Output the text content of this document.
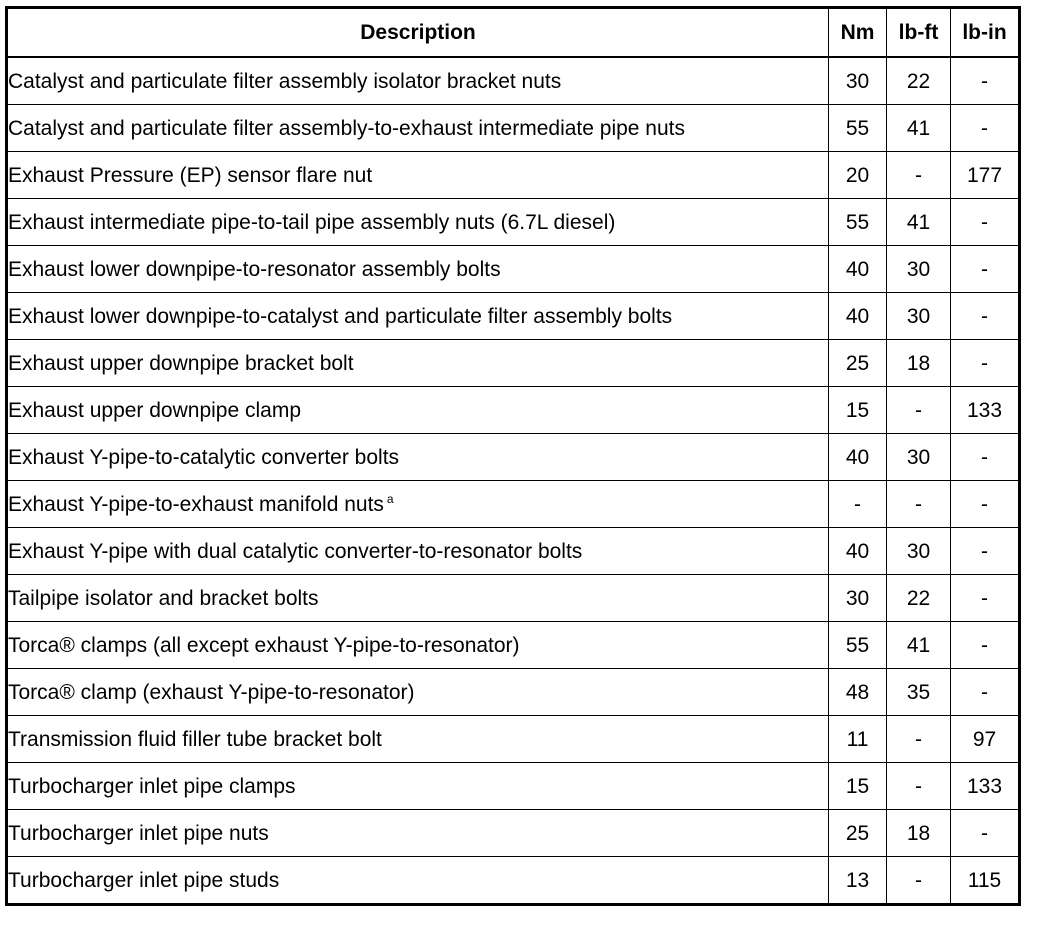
Description	Nm	lb-ft	lb-in
Catalyst and particulate filter assembly isolator bracket nuts	30	22	-
Catalyst and particulate filter assembly-to-exhaust intermediate pipe nuts	55	41	-
Exhaust Pressure (EP) sensor flare nut	20	-	177
Exhaust intermediate pipe-to-tail pipe assembly nuts (6.7L diesel)	55	41	-
Exhaust lower downpipe-to-resonator assembly bolts	40	30	-
Exhaust lower downpipe-to-catalyst and particulate filter assembly bolts	40	30	-
Exhaust upper downpipe bracket bolt	25	18	-
Exhaust upper downpipe clamp	15	-	133
Exhaust Y-pipe-to-catalytic converter bolts	40	30	-
Exhaust Y-pipe-to-exhaust manifold nuts $^a$	-	-	-
Exhaust Y-pipe with dual catalytic converter-to-resonator bolts	40	30	-
Tailpipe isolator and bracket bolts	30	22	-
Torca® clamps (all except exhaust Y-pipe-to-resonator)	55	41	-
Torca® clamp (exhaust Y-pipe-to-resonator)	48	35	-
Transmission fluid filler tube bracket bolt	11	-	97
Turbocharger inlet pipe clamps	15	-	133
Turbocharger inlet pipe nuts	25	18	-
Turbocharger inlet pipe studs	13	-	115
